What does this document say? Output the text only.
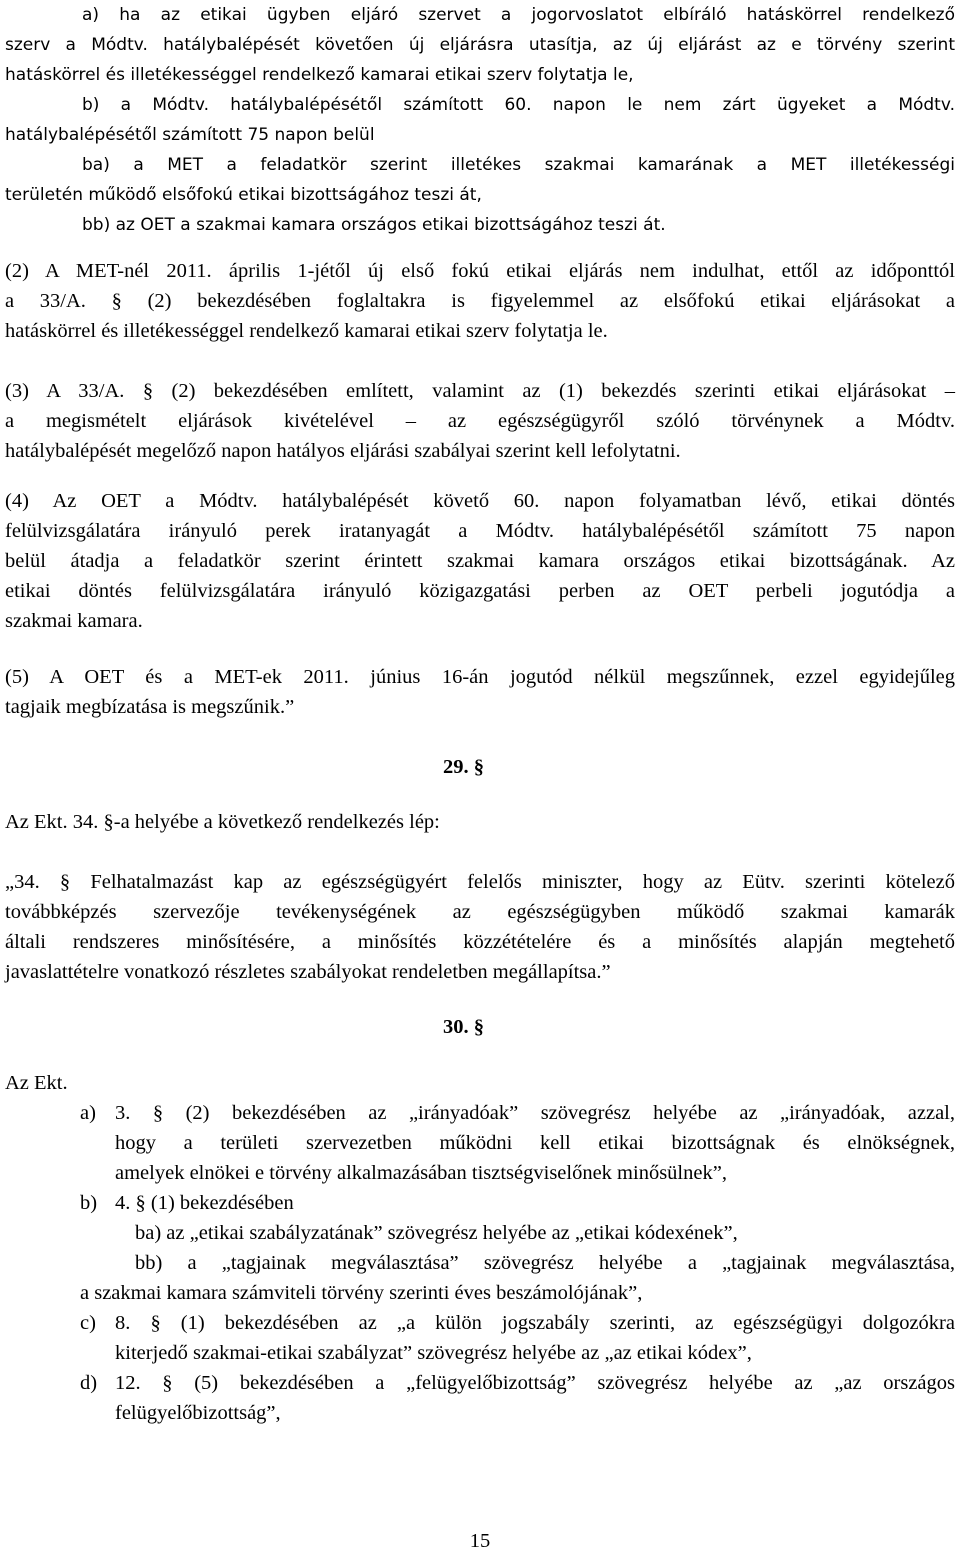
a) ha az etikai ügyben eljáró szervet a jogorvoslatot elbíráló hatáskörrel rendelkező
szerv a Módtv. hatálybalépését követően új eljárásra utasítja, az új eljárást az e törvény szerint
hatáskörrel és illetékességgel rendelkező kamarai etikai szerv folytatja le,
b) a Módtv. hatálybalépésétől számított 60. napon le nem zárt ügyeket a Módtv.
hatálybalépésétől számított 75 napon belül
ba) a MET a feladatkör szerint illetékes szakmai kamarának a MET illetékességi
területén működő elsőfokú etikai bizottságához teszi át,
bb) az OET a szakmai kamara országos etikai bizottságához teszi át.
(2) A MET-nél 2011. április 1-jétől új első fokú etikai eljárás nem indulhat, ettől az időponttól
a 33/A. § (2) bekezdésében foglaltakra is figyelemmel az elsőfokú etikai eljárásokat a
hatáskörrel és illetékességgel rendelkező kamarai etikai szerv folytatja le.
(3) A 33/A. § (2) bekezdésében említett, valamint az (1) bekezdés szerinti etikai eljárásokat –
a megismételt eljárások kivételével – az egészségügyről szóló törvénynek a Módtv.
hatálybalépését megelőző napon hatályos eljárási szabályai szerint kell lefolytatni.
(4) Az OET a Módtv. hatálybalépését követő 60. napon folyamatban lévő, etikai döntés
felülvizsgálatára irányuló perek iratanyagát a Módtv. hatálybalépésétől számított 75 napon
belül átadja a feladatkör szerint érintett szakmai kamara országos etikai bizottságának. Az
etikai döntés felülvizsgálatára irányuló közigazgatási perben az OET perbeli jogutódja a
szakmai kamara.
(5) A OET és a MET-ek 2011. június 16-án jogutód nélkül megszűnnek, ezzel egyidejűleg
tagjaik megbízatása is megszűnik.”
29. §
Az Ekt. 34. §-a helyébe a következő rendelkezés lép:
„34. § Felhatalmazást kap az egészségügyért felelős miniszter, hogy az Eütv. szerinti kötelező
továbbképzés szervezője tevékenységének az egészségügyben működő szakmai kamarák
általi rendszeres minősítésére, a minősítés közzétételére és a minősítés alapján megtehető
javaslattételre vonatkozó részletes szabályokat rendeletben megállapítsa.”
30. §
Az Ekt.
a) 3. § (2) bekezdésében az „irányadóak” szövegrész helyébe az „irányadóak, azzal,
hogy a területi szervezetben működni kell etikai bizottságnak és elnökségnek,
amelyek elnökei e törvény alkalmazásában tisztségviselőnek minősülnek”,
b) 4. § (1) bekezdésében
ba) az „etikai szabályzatának” szövegrész helyébe az „etikai kódexének”,
bb) a „tagjainak megválasztása” szövegrész helyébe a „tagjainak megválasztása,
a szakmai kamara számviteli törvény szerinti éves beszámolójának”,
c) 8. § (1) bekezdésében az „a külön jogszabály szerinti, az egészségügyi dolgozókra
kiterjedő szakmai-etikai szabályzat” szövegrész helyébe az „az etikai kódex”,
d) 12. § (5) bekezdésében a „felügyelőbizottság” szövegrész helyébe az „az országos
felügyelőbizottság”,
15
